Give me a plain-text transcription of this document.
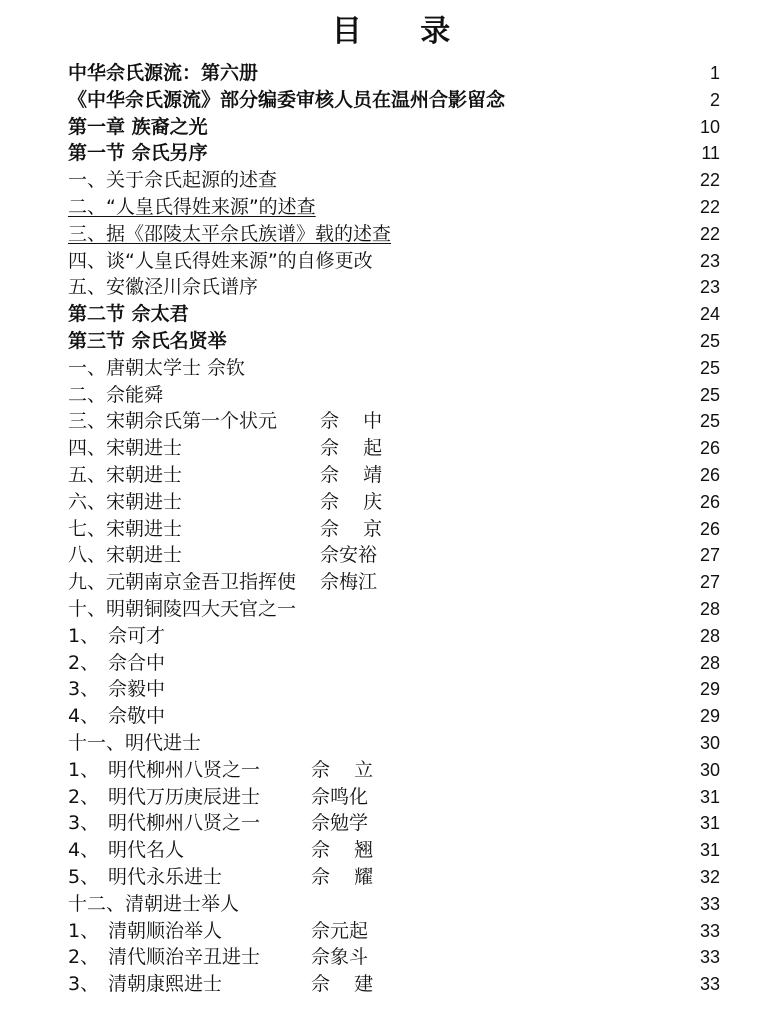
目 录
中华佘氏源流：第六册	1
《中华佘氏源流》部分编委审核人员在温州合影留念	2
第一章 族裔之光	10
第一节 佘氏另序	11
一、关于佘氏起源的述查	22
二、“人皇氏得姓来源”的述查	22
三、据《邵陵太平佘氏族谱》载的述查	22
四、谈“人皇氏得姓来源”的自修更改	23
五、安徽泾川佘氏谱序	23
第二节 佘太君	24
第三节 佘氏名贤举	25
一、唐朝太学士 佘钦	25
二、佘能舜	25
三、宋朝佘氏第一个状元 佘    中	25
四、宋朝进士	佘    起	26
五、宋朝进士	佘    靖	26
六、宋朝进士	佘    庆	26
七、宋朝进士	佘    京	26
八、宋朝进士	佘安裕	27
九、元朝南京金吾卫指挥使 佘梅江	27
十、明朝铜陵四大天官之一	28
1、 佘可才	28
2、 佘合中	28
3、 佘毅中	29
4、 佘敬中	29
十一、明代进士	30
1、 明代柳州八贤之一	佘    立	30
2、 明代万历庚辰进士	佘鸣化	31
3、 明代柳州八贤之一	佘勉学	31
4、 明代名人	佘    翘	31
5、 明代永乐进士	佘    耀	32
十二、清朝进士举人	33
1、 清朝顺治举人	佘元起	33
2、 清代顺治辛丑进士	佘象斗	33
3、 清朝康熙进士	佘    建	33
